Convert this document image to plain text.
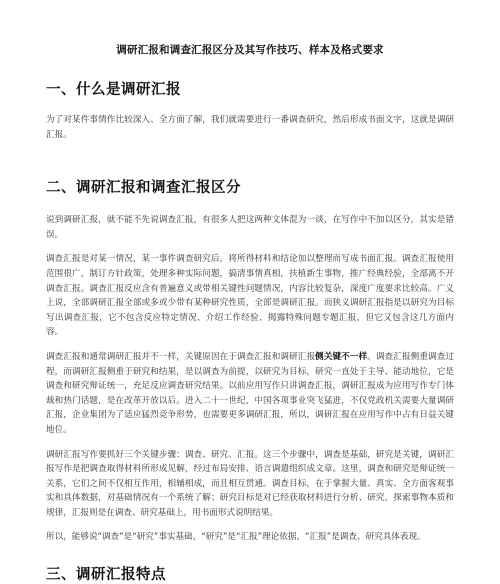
调研汇报和调查汇报区分及其写作技巧、样本及格式要求
一、什么是调研汇报

为了对某件事情作比较深入、全方面了解，我们就需要进行一番调查研究，然后形成书面文字，这就是调研汇报。

二、调研汇报和调查汇报区分

说到调研汇报，就不能不先说调查汇报，有很多人把这两种文体混为一谈，在写作中不加以区分，其实是错误。

调查汇报是对某一情况，某一事件调查研究后，将所得材料和结论加以整理而写成书面汇报。调查汇报使用范围很广，制订方针政策，处理多种实际问题，搞清事情真相，扶植新生事物，推广经典经验，全部离不开调查汇报。调查汇报反应含有普遍意义或带相关键性问题情况，内容比较复杂，深度广度要求比较高。广义上说，全部调研汇报全部或多或少带有某种研究性质，全部是调研汇报。而狭义调研汇报指是以研究为目标写出调查汇报，它不包含反应特定情况、介绍工作经验、揭露特殊问题专题汇报，但它又包含这几方面内容。

调查汇报和通常调研汇报并不一样，关键原因在于调查汇报和调研汇报侧关键不一样。调查汇报侧重调查过程，而调研汇报侧重于研究和结果，是以调查为前提，以研究为目标，研究一直处于主导、能动地位，它是调查和研究辩证统一，充足反应调查研究结果。以前应用写作只讲调查汇报，调研汇报成为应用写作专门体裁和热门话题，是在改革开放以后。进入二十一世纪，中国各项事业突飞猛进，不仅党政机关需要大量调研汇报，企业集团为了适应猛烈竞争形势，也需要更多调研汇报，所以，调研汇报在应用写作中占有日益关键地位。

调研汇报写作要抓好三个关键步骤：调查、研究、汇报。这三个步骤中，调查是基础，研究是关键，调研汇报写作是把调查取得材料所形成见解，经过布局安排、语言调遣组织成文章。这里，调查和研究是辩证统一关系，它们之间不仅相互作用，相辅相成，而且相互贯通。调查目标，在于掌握大量、真实、全方面客观事实和具体数据，对基础情况有一个系统了解；研究目标是对已经获取材料进行分析、研究，探索事物本质和规律，汇报则是在调查、研究基础上，用书面形式说明结果。

所以，能够说“调查”是“研究”事实基础，“研究”是“汇报”理论依据，“汇报”是调查、研究具体表现。

三、调研汇报特点
